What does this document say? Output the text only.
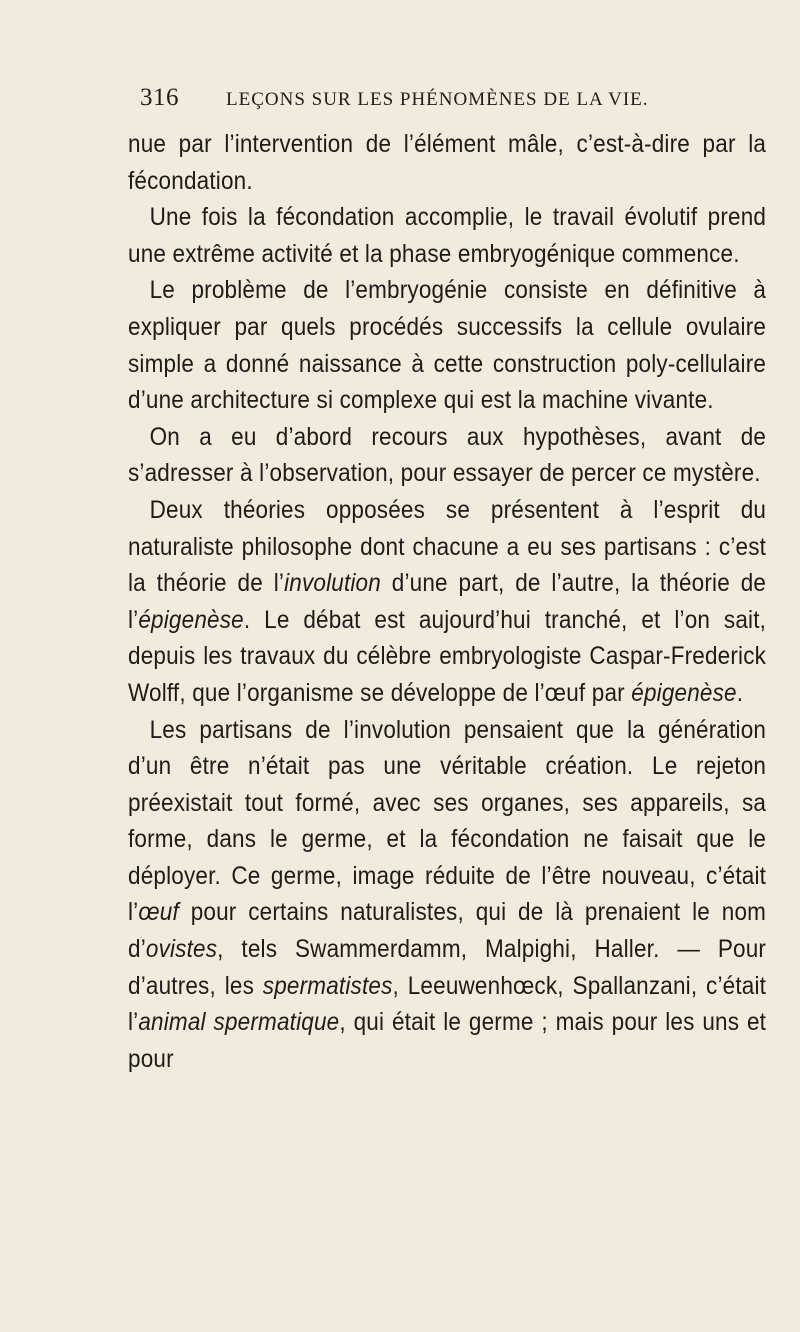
316	LEÇONS SUR LES PHÉNOMÈNES DE LA VIE.

nue par l’intervention de l’élément mâle, c’est-à-dire par la fécondation.

Une fois la fécondation accomplie, le travail évolutif prend une extrême activité et la phase embryogénique commence.

Le problème de l’embryogénie consiste en définitive à expliquer par quels procédés successifs la cellule ovulaire simple a donné naissance à cette construction poly-cellulaire d’une architecture si complexe qui est la machine vivante.

On a eu d’abord recours aux hypothèses, avant de s’adresser à l’observation, pour essayer de percer ce mystère.

Deux théories opposées se présentent à l’esprit du naturaliste philosophe dont chacune a eu ses partisans : c’est la théorie de l’involution d’une part, de l’autre, la théorie de l’épigenèse. Le débat est aujourd’hui tranché, et l’on sait, depuis les travaux du célèbre embryologiste Caspar-Frederick Wolff, que l’organisme se développe de l’œuf par épigenèse.

Les partisans de l’involution pensaient que la génération d’un être n’était pas une véritable création. Le rejeton préexistait tout formé, avec ses organes, ses appareils, sa forme, dans le germe, et la fécondation ne faisait que le déployer. Ce germe, image réduite de l’être nouveau, c’était l’œuf pour certains naturalistes, qui de là prenaient le nom d’ovistes, tels Swammerdamm, Malpighi, Haller. — Pour d’autres, les spermatistes, Leeuwenhœck, Spallanzani, c’était l’animal spermatique, qui était le germe ; mais pour les uns et pour
